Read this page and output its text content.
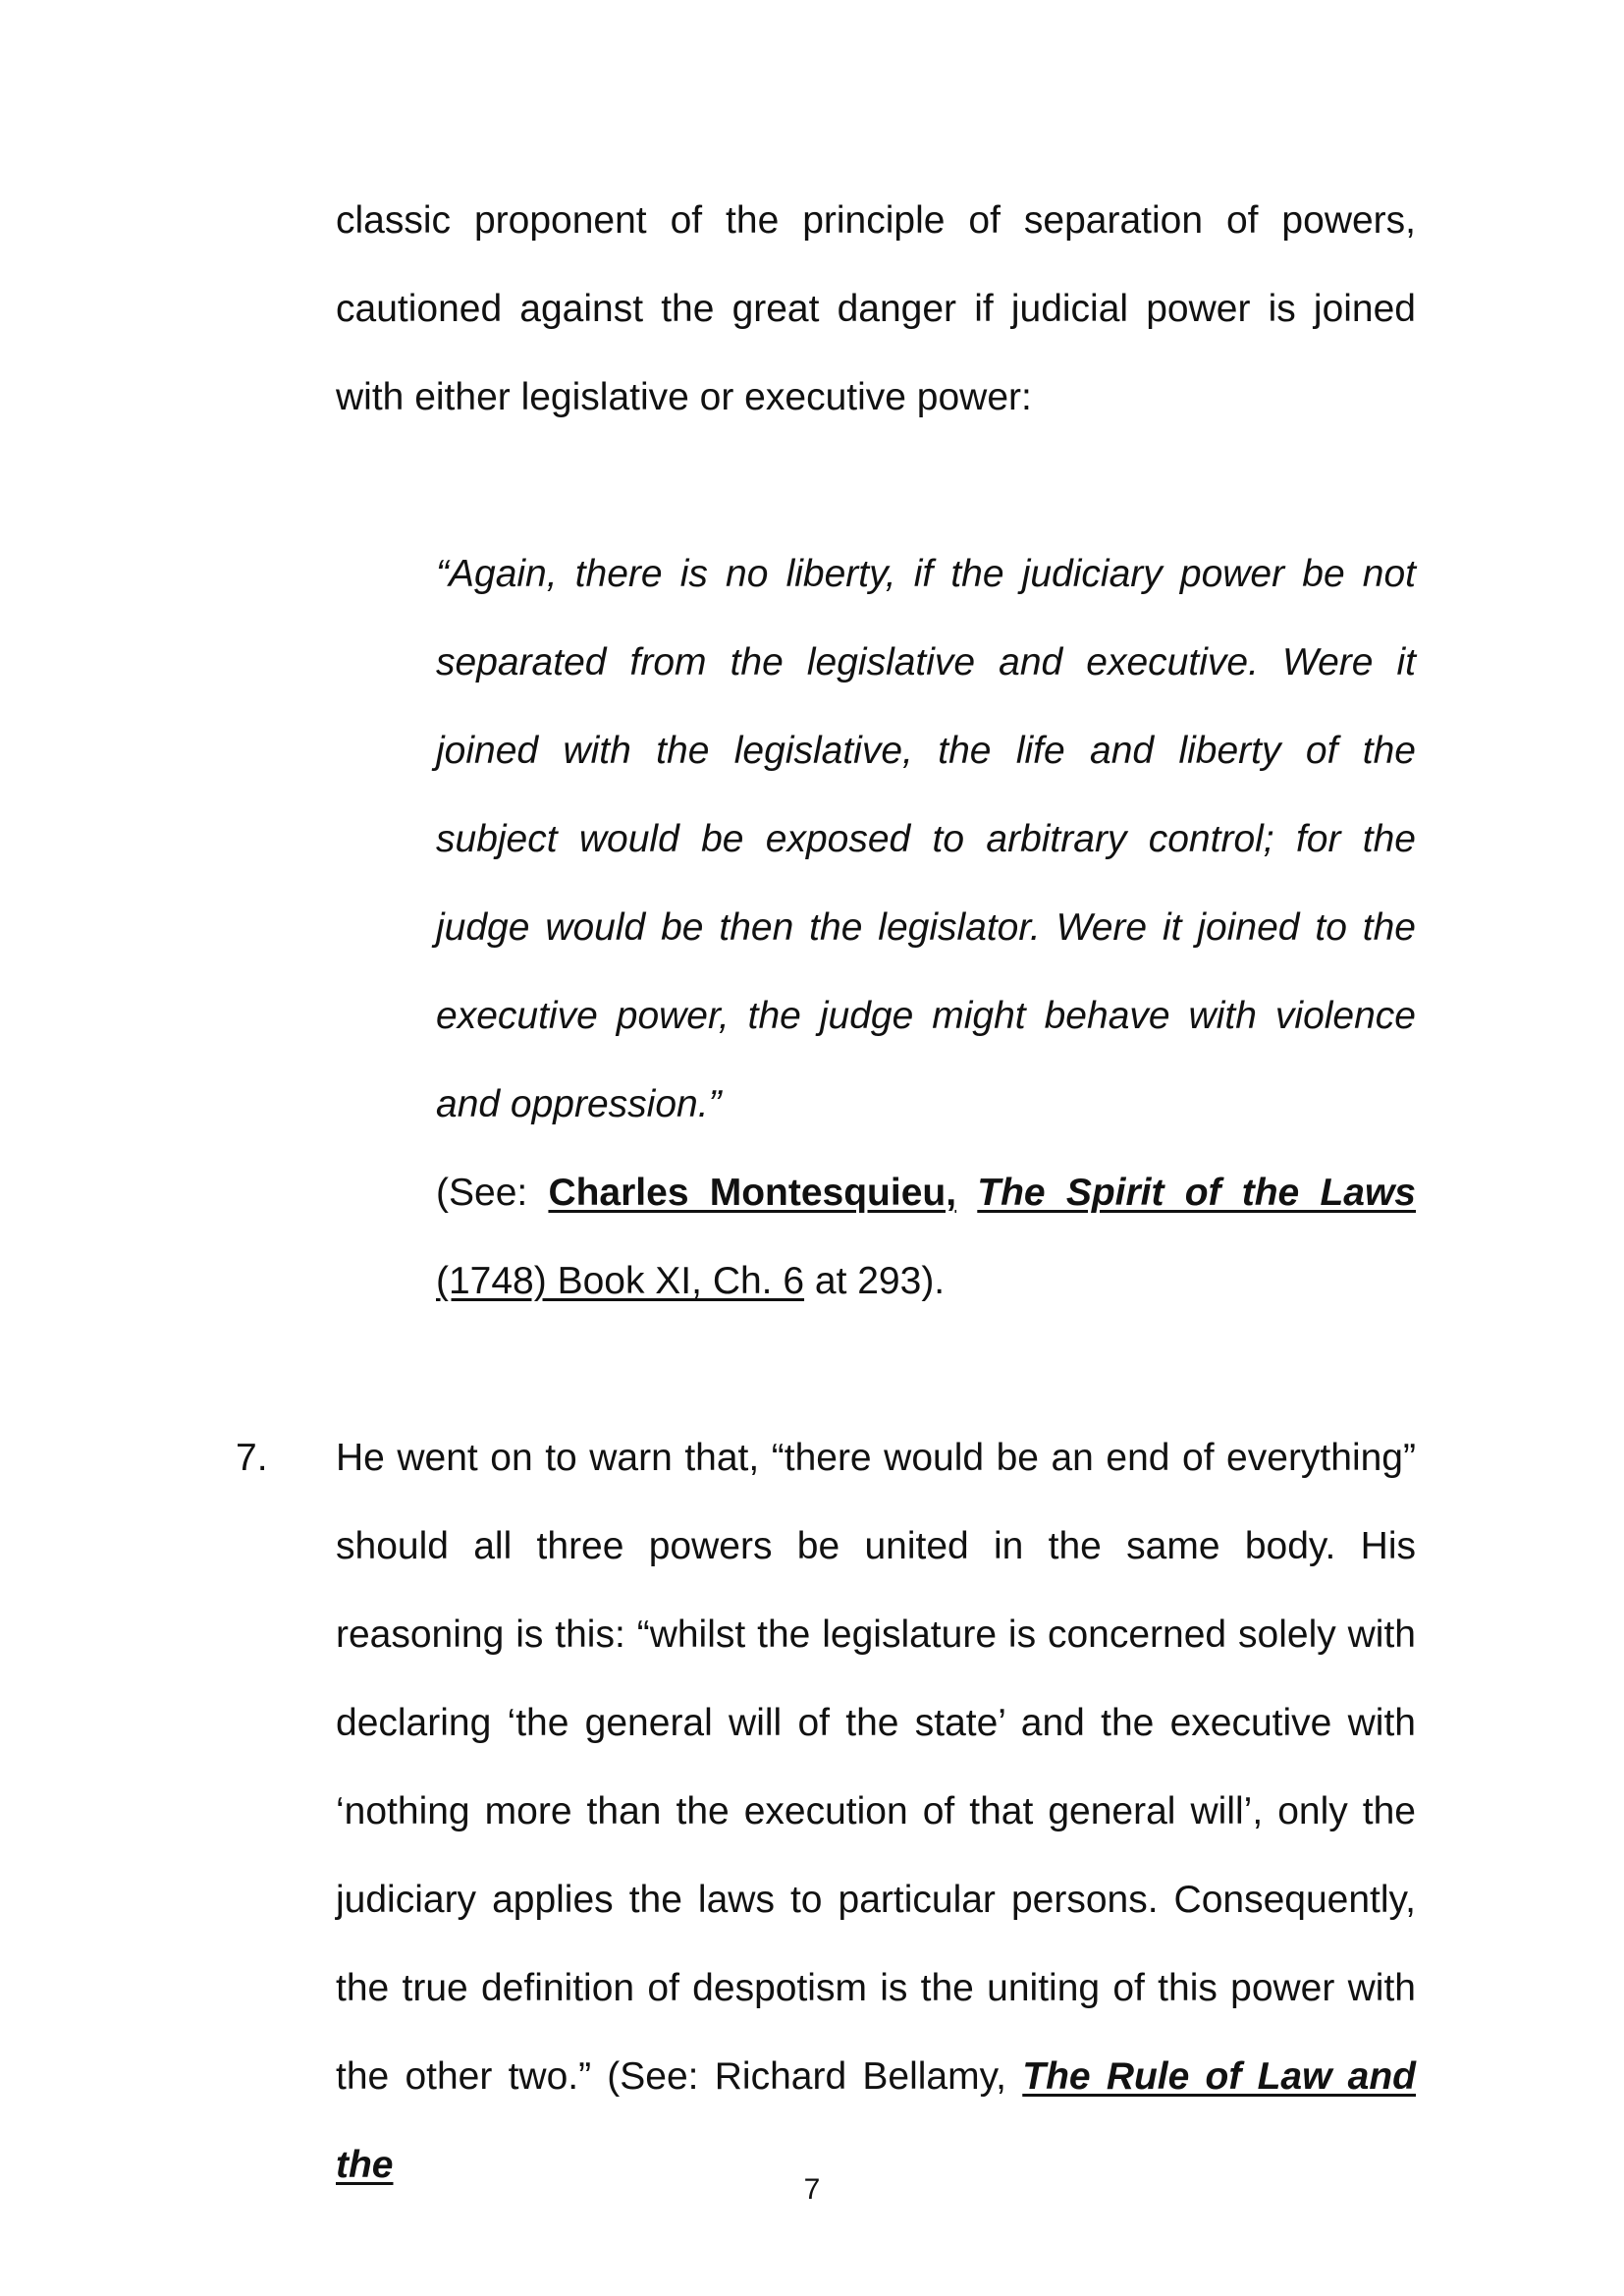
classic proponent of the principle of separation of powers, cautioned against the great danger if judicial power is joined with either legislative or executive power:

“Again, there is no liberty, if the judiciary power be not separated from the legislative and executive. Were it joined with the legislative, the life and liberty of the subject would be exposed to arbitrary control; for the judge would be then the legislator. Were it joined to the executive power, the judge might behave with violence and oppression.”
(See: Charles Montesquieu, The Spirit of the Laws (1748) Book XI, Ch. 6 at 293).

7. He went on to warn that, “there would be an end of everything” should all three powers be united in the same body. His reasoning is this: “whilst the legislature is concerned solely with declaring ‘the general will of the state’ and the executive with ‘nothing more than the execution of that general will’, only the judiciary applies the laws to particular persons. Consequently, the true definition of despotism is the uniting of this power with the other two.” (See: Richard Bellamy, The Rule of Law and the

7
